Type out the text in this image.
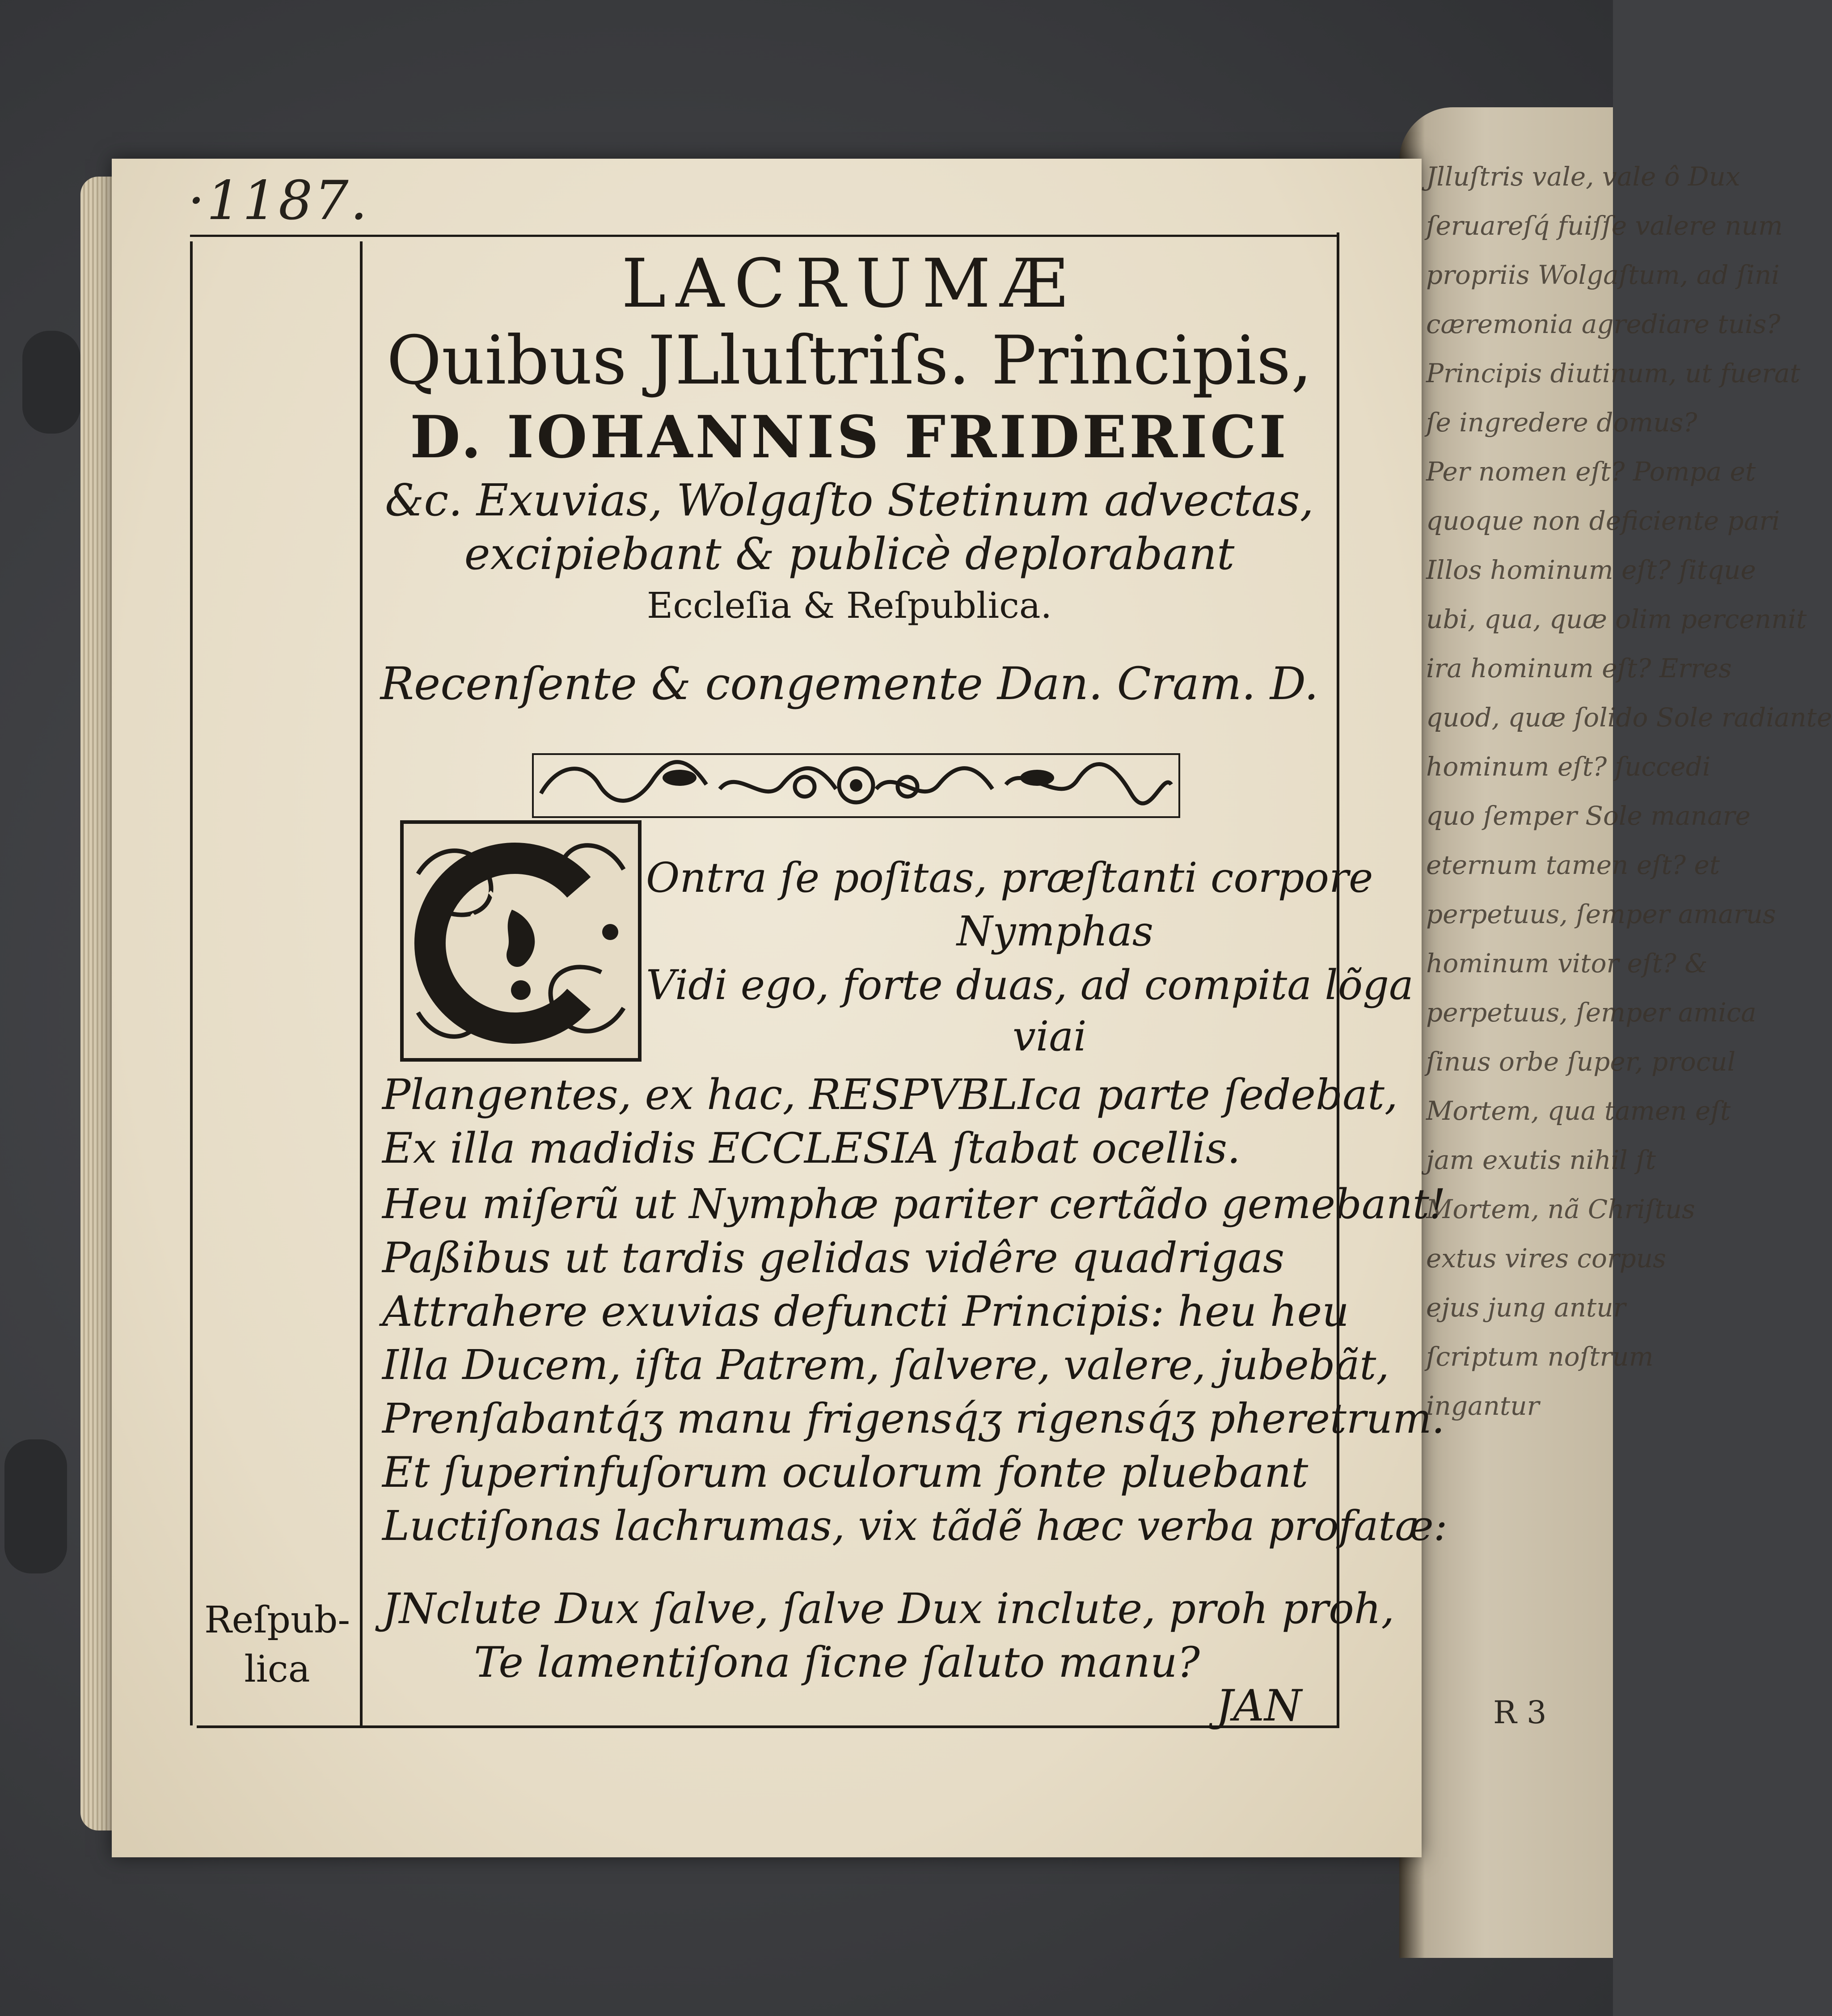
Jlluſtris vale, vale ô Dux
ſeruareſq́ fuiſſe valere num
propriis Wolgaſtum, ad ſini
cæremonia agrediare tuis?
Principis diutinum, ut fuerat
ſe ingredere domus?
Per nomen eſt? Pompa et
quoque non deficiente pari
Illos hominum eſt? ſitque
ubi, qua, quæ olim percennit
ira hominum eſt? Erres
quod, quæ ſolido Sole radiante
hominum eſt? ſuccedi
quo ſemper Sole manare
eternum tamen eſt? et
perpetuus, ſemper amarus
hominum vitor eſt? &
perpetuus, ſemper amica
ſinus orbe ſuper, procul
Mortem, qua tamen eſt
jam exutis nihil ſt
Mortem, nã Chriſtus
extus vires corpus
ejus jung antur
ſcriptum noſtrum
ingantur
R 3
·1187.
LACRUMÆ
Quibus JLluſtriſs. Principis,
D. IOHANNIS FRIDERICI
&c. Exuvias, Wolgaſto Stetinum advectas,
excipiebant & publicè deplorabant
Eccleſia & Reſpublica.
Recenſente & congemente Dan. Cram. D.
Ontra ſe poſitas, præſtanti corpore
Nymphas
Vidi ego, forte duas, ad compita lõga
viai
Plangentes, ex hac, RESPVBLIca parte ſedebat,
Ex illa madidis ECCLESIA ſtabat ocellis.
Heu miſerũ ut Nymphæ pariter certãdo gemebant!
Paßibus ut tardis gelidas vidêre quadrigas
Attrahere exuvias defuncti Principis: heu heu
Illa Ducem, iſta Patrem, ſalvere, valere, jubebãt,
Prenſabantq́ʒ manu frigensq́ʒ rigensq́ʒ pheretrum.
Et ſuperinfuſorum oculorum fonte pluebant
Luctiſonas lachrumas, vix tãdẽ hæc verba profatæ:
JNclute Dux ſalve, ſalve Dux inclute, proh proh,
Te lamentiſona ſicne ſaluto manu?
Reſpub-
lica
JAN
